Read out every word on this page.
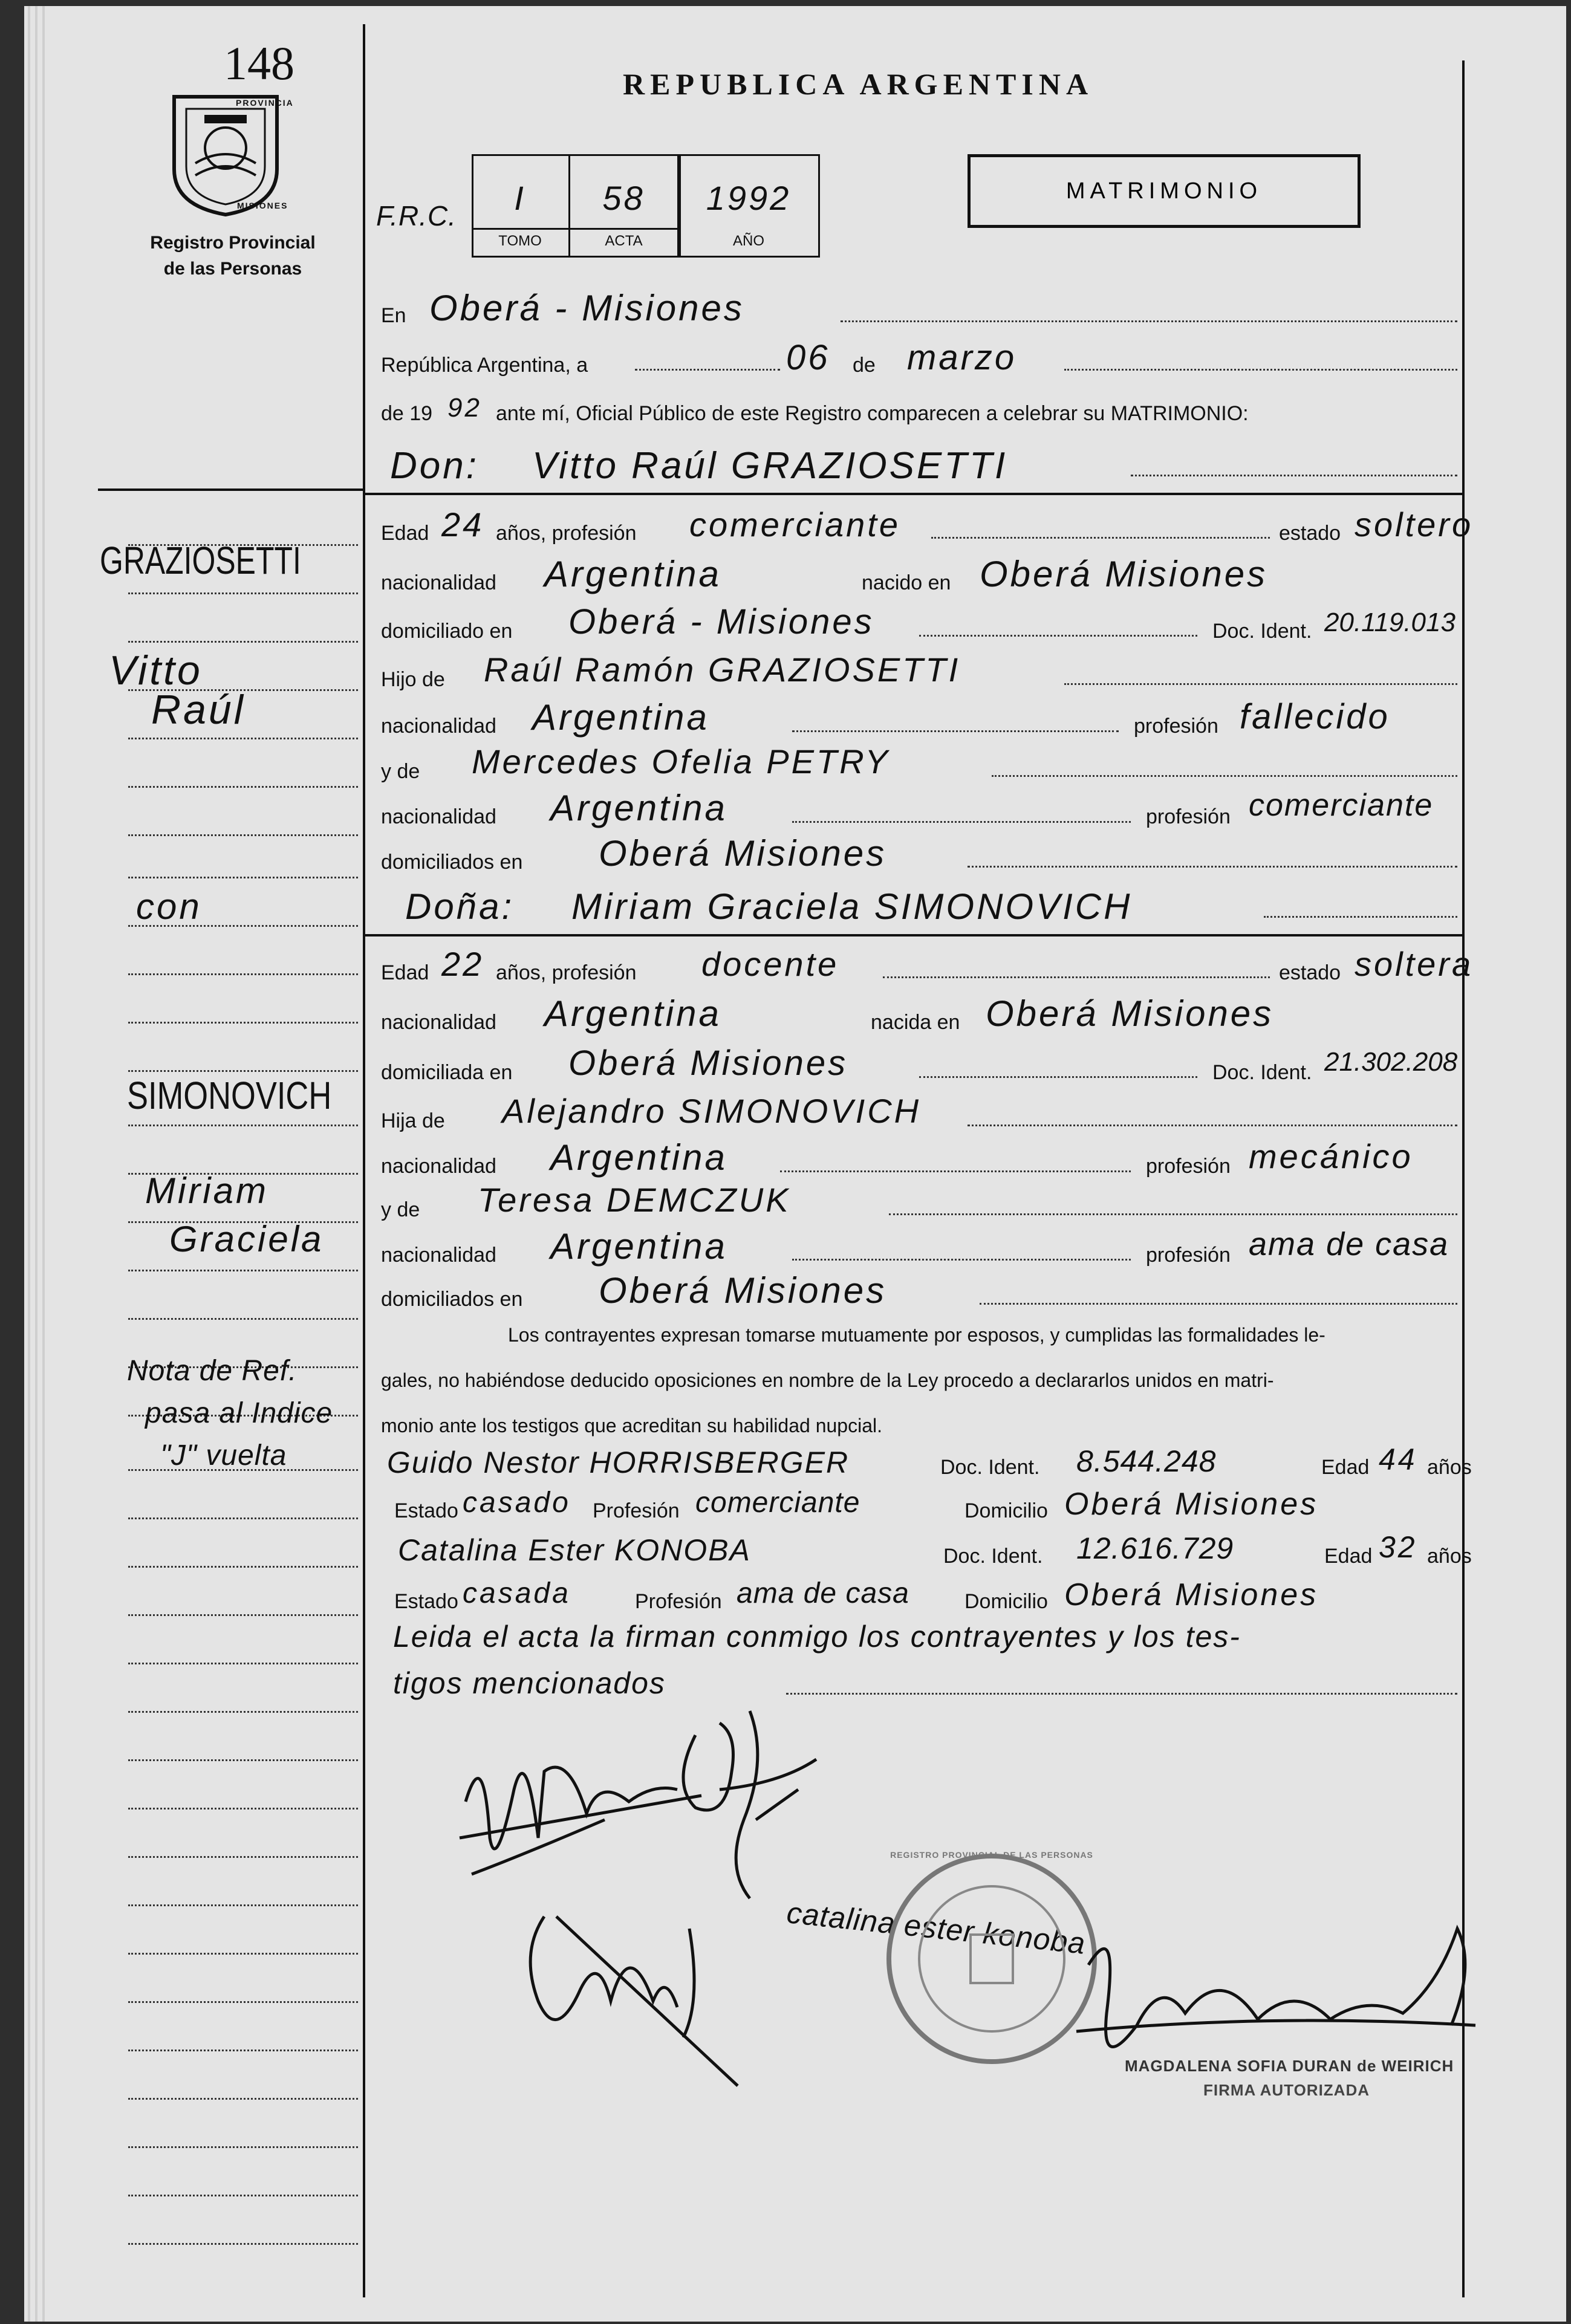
148
PROVINCIA
MISIONES
Registro Provincial
de las Personas
REPUBLICA ARGENTINA
F.R.C.	I	58	1992
TOMO	ACTA	AÑO
MATRIMONIO
En Oberá - Misiones
República Argentina, a	06 de marzo
de 19 92 ante mí, Oficial Público de este Registro comparecen a celebrar su MATRIMONIO:
Don: Vitto Raúl GRAZIOSETTI
Edad 24 años, profesión comerciante	estado soltero
nacionalidad Argentina	nacido en Oberá Misiones
domiciliado en Oberá - Misiones	Doc. Ident. 20.119.013
Hijo de Raúl Ramón GRAZIOSETTI
nacionalidad Argentina	profesión fallecido
y de Mercedes Ofelia PETRY
nacionalidad Argentina	profesión comerciante
domiciliados en Oberá Misiones
Doña: Miriam Graciela SIMONOVICH
Edad 22 años, profesión docente	estado soltera
nacionalidad Argentina	nacida en Oberá Misiones
domiciliada en Oberá Misiones	Doc. Ident. 21.302.208
Hija de Alejandro SIMONOVICH
nacionalidad Argentina	profesión mecánico
y de Teresa DEMCZUK
nacionalidad Argentina	profesión ama de casa
domiciliados en Oberá Misiones
Los contrayentes expresan tomarse mutuamente por esposos, y cumplidas las formalidades le-
gales, no habiéndose deducido oposiciones en nombre de la Ley procedo a declararlos unidos en matri-
monio ante los testigos que acreditan su habilidad nupcial.
Guido Nestor HORRISBERGER	Doc. Ident. 8.544.248	Edad 44 años
Estado casado Profesión comerciante	Domicilio Oberá Misiones
Catalina Ester KONOBA	Doc. Ident. 12.616.729	Edad 32 años
Estado casada	Profesión ama de casa	Domicilio Oberá Misiones
Leida el acta la firman conmigo los contrayentes y los tes-
tigos mencionados
catalina ester konoba
REGISTRO PROVINCIAL DE LAS PERSONAS
MAGDALENA SOFIA DURAN de WEIRICH
FIRMA AUTORIZADA
GRAZIOSETTI
Vitto
Raúl
con
SIMONOVICH
Miriam
Graciela
Nota de Ref.
pasa al Indice
"J" vuelta
